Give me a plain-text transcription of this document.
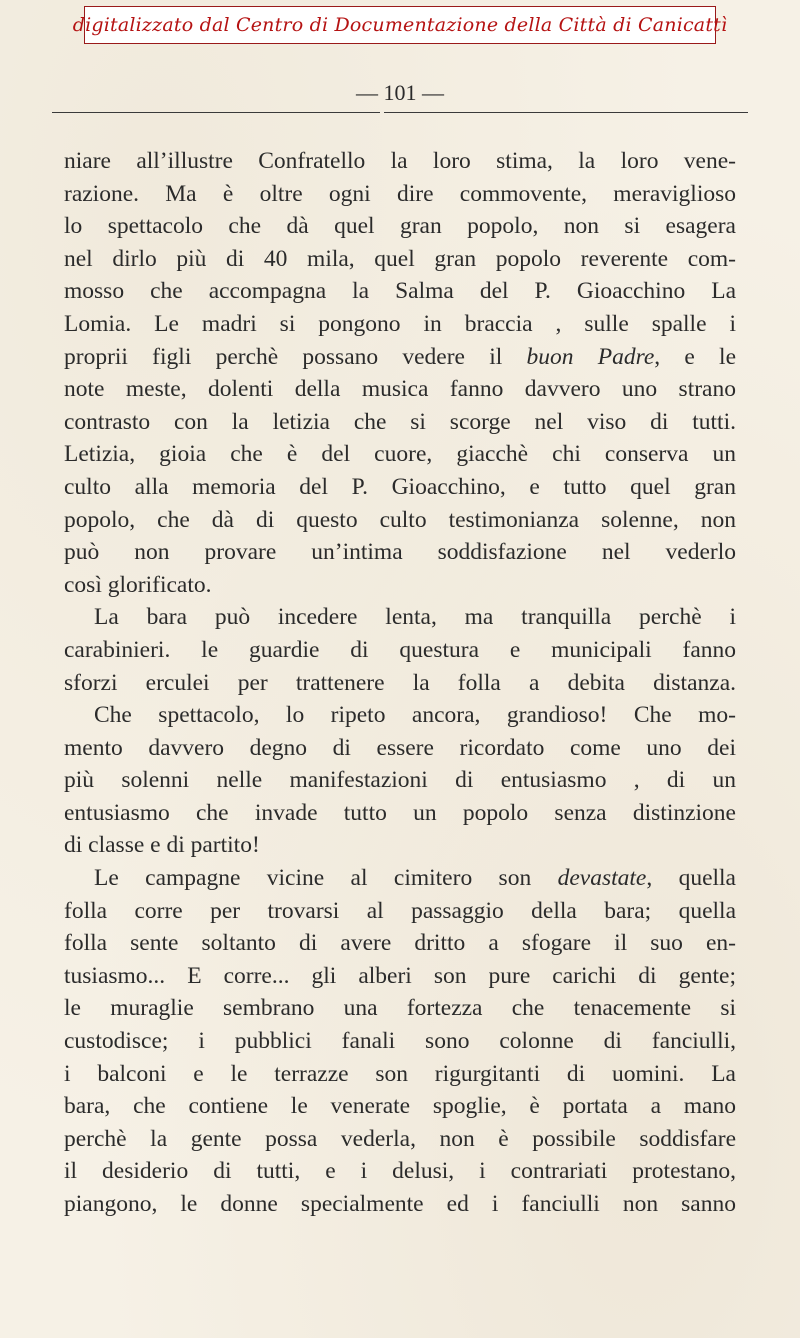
digitalizzato dal Centro di Documentazione della Città di Canicattì
— 101 —
niare all’illustre Confratello la loro stima, la loro vene-
razione. Ma è oltre ogni dire commovente, meraviglioso
lo spettacolo che dà quel gran popolo, non si esagera
nel dirlo più di 40 mila, quel gran popolo reverente com-
mosso che accompagna la Salma del P. Gioacchino La
Lomia. Le madri si pongono in braccia , sulle spalle i
proprii figli perchè possano vedere il buon Padre, e le
note meste, dolenti della musica fanno davvero uno strano
contrasto con la letizia che si scorge nel viso di tutti.
Letizia, gioia che è del cuore, giacchè chi conserva un
culto alla memoria del P. Gioacchino, e tutto quel gran
popolo, che dà di questo culto testimonianza solenne, non
può non provare un’intima soddisfazione nel vederlo
così glorificato.
La bara può incedere lenta, ma tranquilla perchè i
carabinieri. le guardie di questura e municipali fanno
sforzi erculei per trattenere la folla a debita distanza.
Che spettacolo, lo ripeto ancora, grandioso! Che mo-
mento davvero degno di essere ricordato come uno dei
più solenni nelle manifestazioni di entusiasmo , di un
entusiasmo che invade tutto un popolo senza distinzione
di classe e di partito!
Le campagne vicine al cimitero son devastate, quella
folla corre per trovarsi al passaggio della bara; quella
folla sente soltanto di avere dritto a sfogare il suo en-
tusiasmo... E corre... gli alberi son pure carichi di gente;
le muraglie sembrano una fortezza che tenacemente si
custodisce; i pubblici fanali sono colonne di fanciulli,
i balconi e le terrazze son rigurgitanti di uomini. La
bara, che contiene le venerate spoglie, è portata a mano
perchè la gente possa vederla, non è possibile soddisfare
il desiderio di tutti, e i delusi, i contrariati protestano,
piangono, le donne specialmente ed i fanciulli non sanno
